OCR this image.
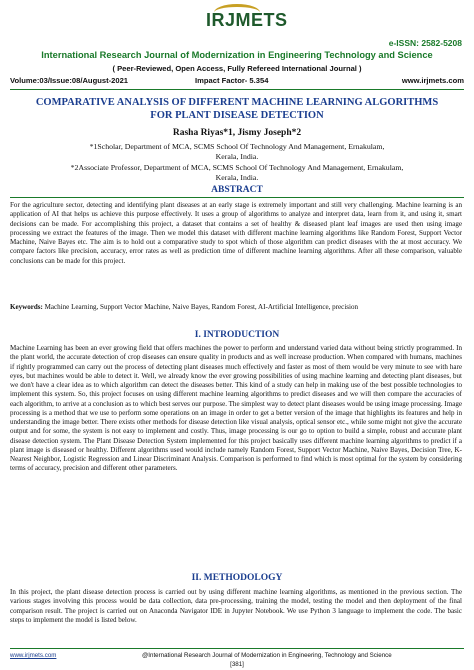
IRJMETS
e-ISSN: 2582-5208
International Research Journal of Modernization in Engineering Technology and Science
( Peer-Reviewed, Open Access, Fully Refereed International Journal )
Volume:03/Issue:08/August-2021	Impact Factor- 5.354	www.irjmets.com
COMPARATIVE ANALYSIS OF DIFFERENT MACHINE LEARNING ALGORITHMS FOR PLANT DISEASE DETECTION
Rasha Riyas*1, Jismy Joseph*2
*1Scholar, Department of MCA, SCMS School Of Technology And Management, Ernakulam,
Kerala, India.
*2Associate Professor, Department of MCA, SCMS School Of Technology And Management, Ernakulam,
Kerala, India.
ABSTRACT
For the agriculture sector, detecting and identifying plant diseases at an early stage is extremely important and still very challenging. Machine learning is an application of AI that helps us achieve this purpose effectively. It uses a group of algorithms to analyze and interpret data, learn from it, and using it, smart decisions can be made. For accomplishing this project, a dataset that contains a set of healthy & diseased plant leaf images are used then using image processing we extract the features of the image. Then we model this dataset with different machine learning algorithms like Random Forest, Support Vector Machine, Naive Bayes etc. The aim is to hold out a comparative study to spot which of those algorithm can predict diseases with the at most accuracy. We compare factors like precision, accuracy, error rates as well as prediction time of different machine learning algorithms. After all these comparison, valuable conclusions can be made for this project.
Keywords: Machine Learning, Support Vector Machine, Naive Bayes, Random Forest, AI-Artificial Intelligence, precision
I. INTRODUCTION
Machine Learning has been an ever growing field that offers machines the power to perform and understand varied data without being strictly programmed. In the plant world, the accurate detection of crop diseases can ensure quality in products and as well increase production. When compared with humans, machines if rightly programmed can carry out the process of detecting plant diseases much effectively and faster as most of them would be very minute to see with hare eyes, but machines would be able to detect it. Well, we already know the ever growing possibilities of using machine learning and detecting plant diseases, but we don't have a clear idea as to which algorithm can detect the diseases better. This kind of a study can help in making use of the best possible technologies to implement this system. So, this project focuses on using different machine learning algorithms to predict diseases and we will then compare the accuracies of each algorithm, to arrive at a conclusion as to which best serves our purpose. The simplest way to detect plant diseases would be using image processing. Image processing is a method that we use to perform some operations on an image in order to get a better version of the image that highlights its features and help in understanding the image better. There exists other methods for disease detection like visual analysis, optical sensor etc., while some might not give the accurate output and for some, the system is not easy to implement and costly. Thus, image processing is our go to option to build a simple, robust and accurate plant disease detection system. The Plant Disease Detection System implemented for this project basically uses different machine learning algorithms to predict if a plant image is diseased or healthy. Different algorithms used would include namely Random Forest, Support Vector Machine, Naive Bayes, Decision Tree, K-Nearest Neighbor, Logistic Regression and Linear Discriminant Analysis. Comparison is performed to find which is most optimal for the system by considering terms of accuracy, precision and different other parameters.
II. METHODOLOGY
In this project, the plant disease detection process is carried out by using different machine learning algorithms, as mentioned in the previous section. The various stages involving this process would be data collection, data pre-processing, training the model, testing the model and then deployment of the final comparison result. The project is carried out on Anaconda Navigator IDE in Jupyter Notebook. We use Python 3 language to implement the code. The basic steps to implement the model is listed below.
www.irjmets.com	@International Research Journal of Modernization in Engineering, Technology and Science
[381]
